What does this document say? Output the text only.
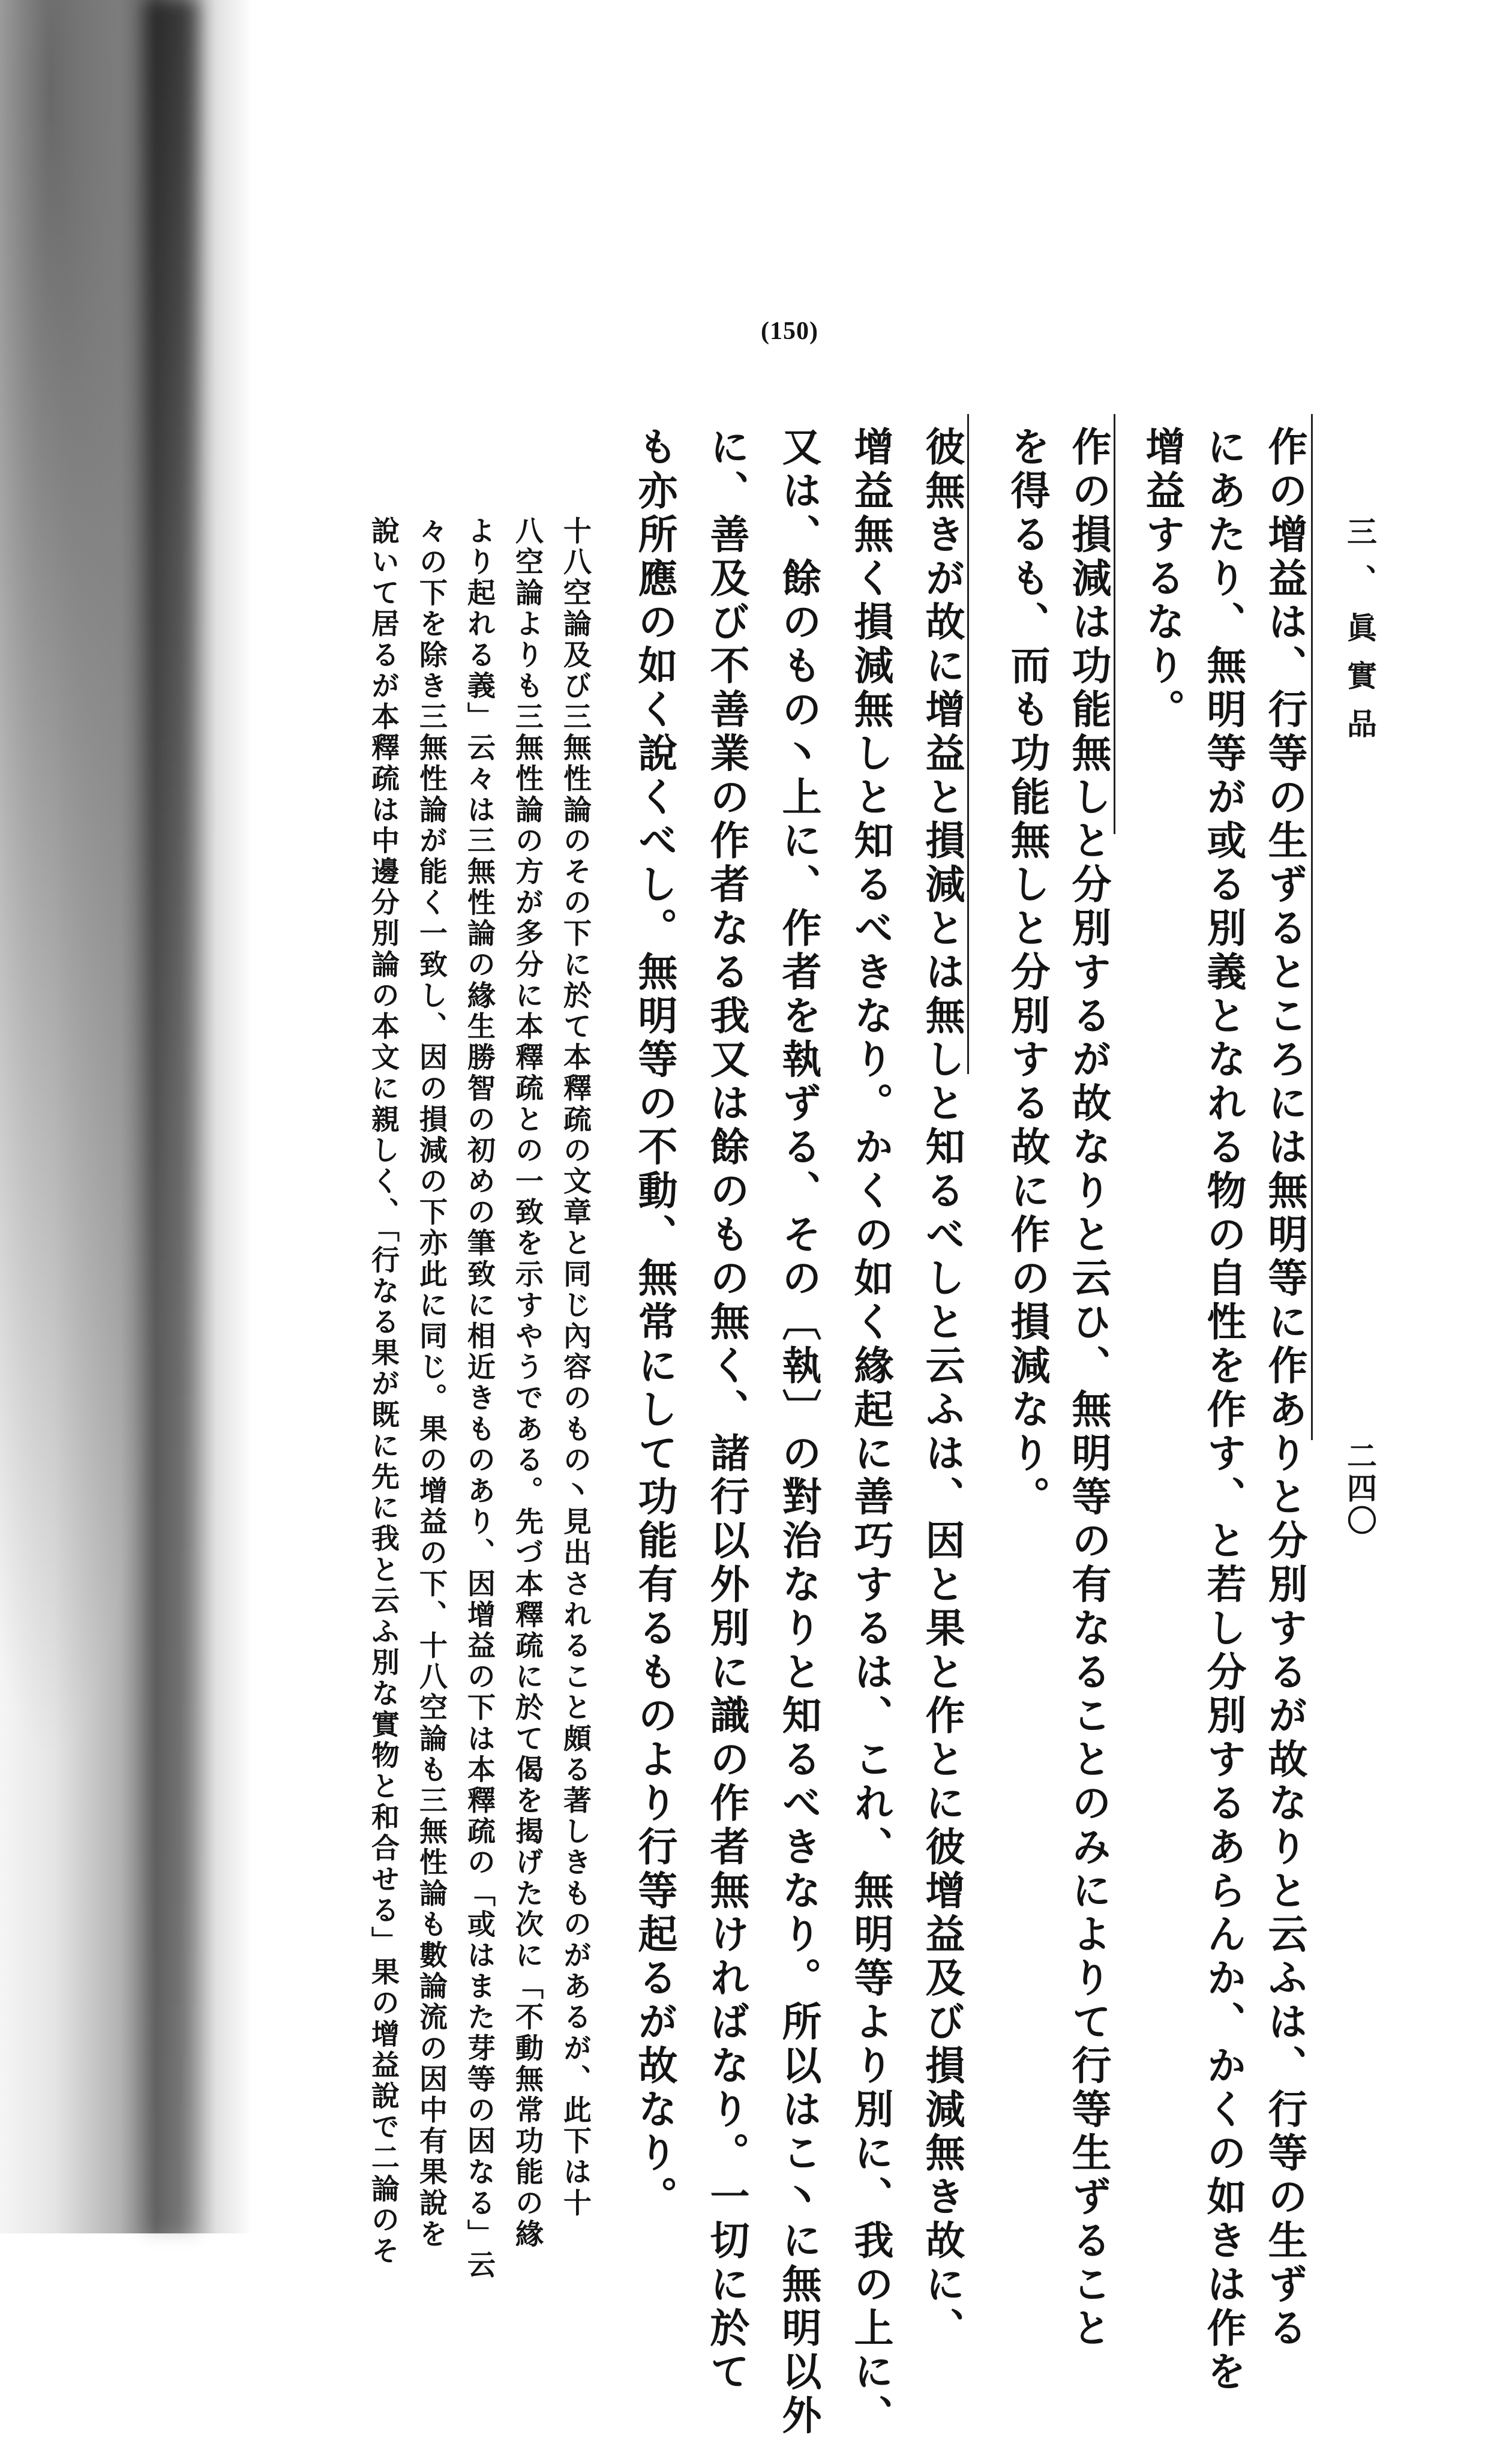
(150)
三、眞實品
二四〇
作の增益は、行等の生ずるところには無明等に作ありと分別するが故なりと云ふは、行等の生ずる
にあたり、無明等が或る別義となれる物の自性を作す、と若し分別するあらんか、かくの如きは作を
增益するなり。
作の損減は功能無しと分別するが故なりと云ひ、無明等の有なることのみによりて行等生ずること
を得るも、而も功能無しと分別する故に作の損減なり。
彼無きが故に增益と損減とは無しと知るべしと云ふは、因と果と作とに彼增益及び損減無き故に、
增益無く損減無しと知るべきなり。かくの如く緣起に善巧するは、これ、無明等より別に、我の上に、
又は、餘のもの丶上に、作者を執ずる、その〔執〕の對治なりと知るべきなり。所以はこ丶に無明以外
に、善及び不善業の作者なる我又は餘のもの無く、諸行以外別に識の作者無ければなり。一切に於て
も亦所應の如く說くべし。無明等の不動、無常にして功能有るものより行等起るが故なり。
十八空論及び三無性論のその下に於て本釋疏の文章と同じ內容のもの丶見出されること頗る著しきものがあるが、此下は十
八空論よりも三無性論の方が多分に本釋疏との一致を示すやうである。先づ本釋疏に於て偈を揭げた次に「不動無常功能の緣
より起れる義」云々は三無性論の緣生勝智の初めの筆致に相近きものあり、因增益の下は本釋疏の「或はまた芽等の因なる」云
々の下を除き三無性論が能く一致し、因の損減の下亦此に同じ。果の增益の下、十八空論も三無性論も數論流の因中有果說を
說いて居るが本釋疏は中邊分別論の本文に親しく、「行なる果が既に先に我と云ふ別な實物と和合せる」果の增益說で二論のそ
